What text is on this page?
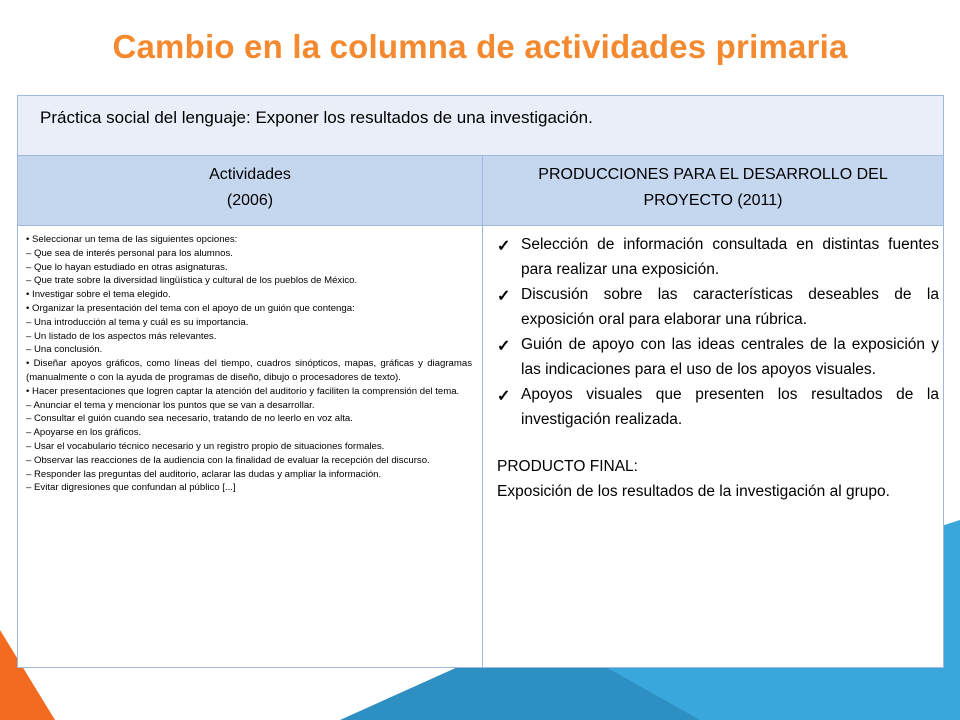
Cambio en la columna de actividades primaria
Práctica social del lenguaje: Exponer los resultados de una investigación.
Actividades
(2006)
PRODUCCIONES PARA EL DESARROLLO DEL
PROYECTO (2011)
• Seleccionar un tema de las siguientes opciones:
– Que sea de interés personal para los alumnos.
– Que lo hayan estudiado en otras asignaturas.
– Que trate sobre la diversidad lingüística y cultural de los pueblos de México.
• Investigar sobre el tema elegido.
• Organizar la presentación del tema con el apoyo de un guión que contenga:
– Una introducción al tema y cuál es su importancia.
– Un listado de los aspectos más relevantes.
– Una conclusión.
• Diseñar apoyos gráficos, como líneas del tiempo, cuadros sinópticos, mapas, gráficas y diagramas (manualmente o con la ayuda de programas de diseño, dibujo o procesadores de texto).
• Hacer presentaciones que logren captar la atención del auditorio y faciliten la comprensión del tema.
– Anunciar el tema y mencionar los puntos que se van a desarrollar.
– Consultar el guión cuando sea necesario, tratando de no leerlo en voz alta.
– Apoyarse en los gráficos.
– Usar el vocabulario técnico necesario y un registro propio de situaciones formales.
– Observar las reacciones de la audiencia con la finalidad de evaluar la recepción del discurso.
– Responder las preguntas del auditorio, aclarar las dudas y ampliar la información.
– Evitar digresiones que confundan al público [...]
✓ Selección de información consultada en distintas fuentes para realizar una exposición.
✓ Discusión sobre las características deseables de la exposición oral para elaborar una rúbrica.
✓ Guión de apoyo con las ideas centrales de la exposición y las indicaciones para el uso de los apoyos visuales.
✓ Apoyos visuales que presenten los resultados de la investigación realizada.
PRODUCTO FINAL:
Exposición de los resultados de la investigación al grupo.
